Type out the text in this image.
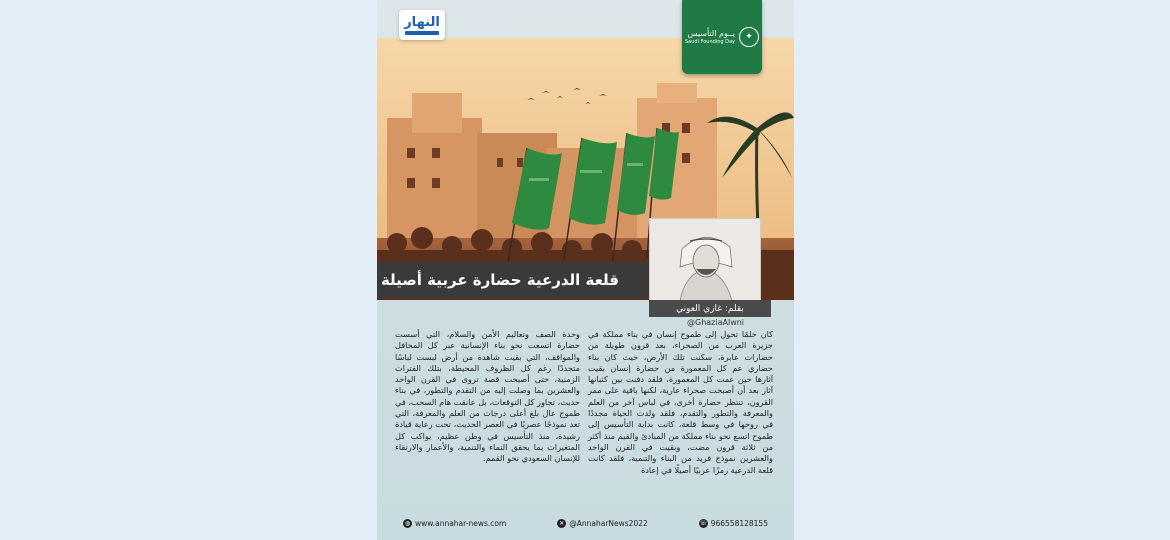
النهار
يــوم التأسيس
Saudi Founding Day	✦
قلعة الدرعية حضارة عربية أصيلة
بقلم: غازي العوني
@GhaziaAlwni
كان حلمًا تحول إلى طموح إنسان في بناء مملكة في جزيرة العرب من الصحراء، بعد قرون طويلة من حضارات عابرة، سكنت تلك الأرض، حيث كان بناء حضاري عم كل المعمورة من حضارة إنسان بقيت آثارها حين عمت كل المعمورة، فلقد دفنت بين كثبانها آثار بعد أن أصبحت صحراء عارية، لكنها باقية على ممر القرون، تنتظر حضارة أخرى، في لباس آخر من العلم والمعرفة والتطور والتقدم، فلقد ولدت الحياة مجددًا في روحها في وسط قلعة، كانت بداية التأسيس إلى طموح اتسع نحو بناء مملكة من المبادئ والقيم منذ أكثر من ثلاثة قرون مضت، وبقيت في القرن الواحد والعشرين نموذج فريد من البناء والتنمية، فلقد كانت قلعة الدرعية رمزًا عربيًا أصيلًا في إعادة
وحدة الصف وتعاليم الأمن والسلام، التي أسست حضارة اتسعت نحو بناء الإنسانية عبر كل المحافل والمواقف، التي بقيت شاهدة من أرض لبست لباسًا متجددًا رغم كل الظروف المحيطة، بتلك الفترات الزمنية، حتى أصبحت قصة تروى في القرن الواحد والعشرين بما وصلت إليه من التقدم والتطور، في بناء حديث، تجاوز كل التوقعات، بل عانقت هام السحب، في طموح عال بلغ أعلى درجات من العلم والمعرفة، التي تعد نموذجًا عصريًا في العصر الحديث، تحت رعاية قيادة رشيدة، منذ التأسيس في وطن عظيم، يواكب كل المتغيرات بما يحقق النماء والتنمية، والأعمار والارتقاء للإنسان السعودي نحو القمم.
◍ www.annahar-news.com	✕ @AnnaharNews2022	☏ 966558128155
